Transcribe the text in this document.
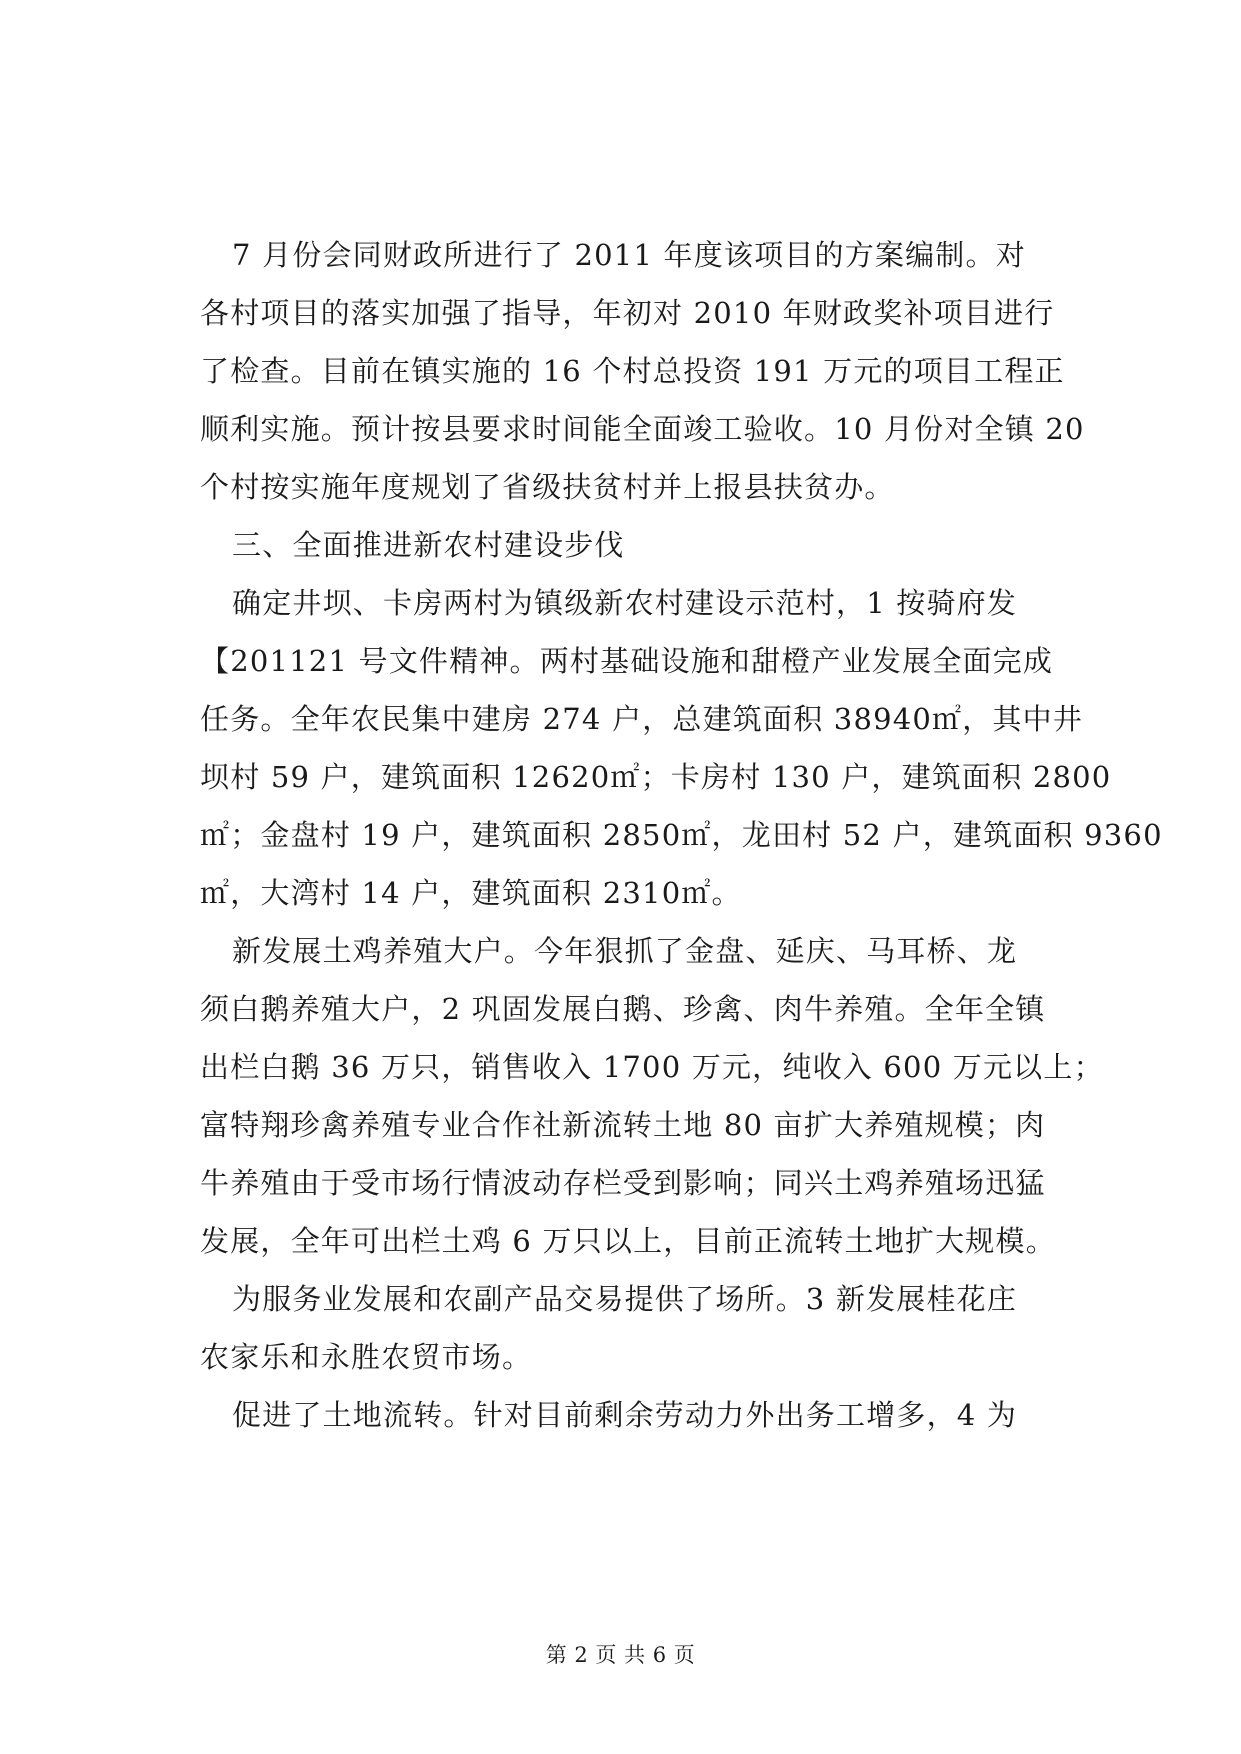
7 月份会同财政所进行了 2011 年度该项目的方案编制。对
各村项目的落实加强了指导，年初对 2010 年财政奖补项目进行
了检查。目前在镇实施的 16 个村总投资 191 万元的项目工程正
顺利实施。预计按县要求时间能全面竣工验收。10 月份对全镇 20
个村按实施年度规划了省级扶贫村并上报县扶贫办。
三、全面推进新农村建设步伐
确定井坝、卡房两村为镇级新农村建设示范村，1 按骑府发
【201121 号文件精神。两村基础设施和甜橙产业发展全面完成
任务。全年农民集中建房 274 户，总建筑面积 38940㎡，其中井
坝村 59 户，建筑面积 12620㎡；卡房村 130 户，建筑面积 2800
㎡；金盘村 19 户，建筑面积 2850㎡，龙田村 52 户，建筑面积 9360
㎡，大湾村 14 户，建筑面积 2310㎡。
新发展土鸡养殖大户。今年狠抓了金盘、延庆、马耳桥、龙
须白鹅养殖大户，2 巩固发展白鹅、珍禽、肉牛养殖。全年全镇
出栏白鹅 36 万只，销售收入 1700 万元，纯收入 600 万元以上；
富特翔珍禽养殖专业合作社新流转土地 80 亩扩大养殖规模；肉
牛养殖由于受市场行情波动存栏受到影响；同兴土鸡养殖场迅猛
发展，全年可出栏土鸡 6 万只以上，目前正流转土地扩大规模。
为服务业发展和农副产品交易提供了场所。3 新发展桂花庄
农家乐和永胜农贸市场。
促进了土地流转。针对目前剩余劳动力外出务工增多，4 为
第 2 页 共 6 页
